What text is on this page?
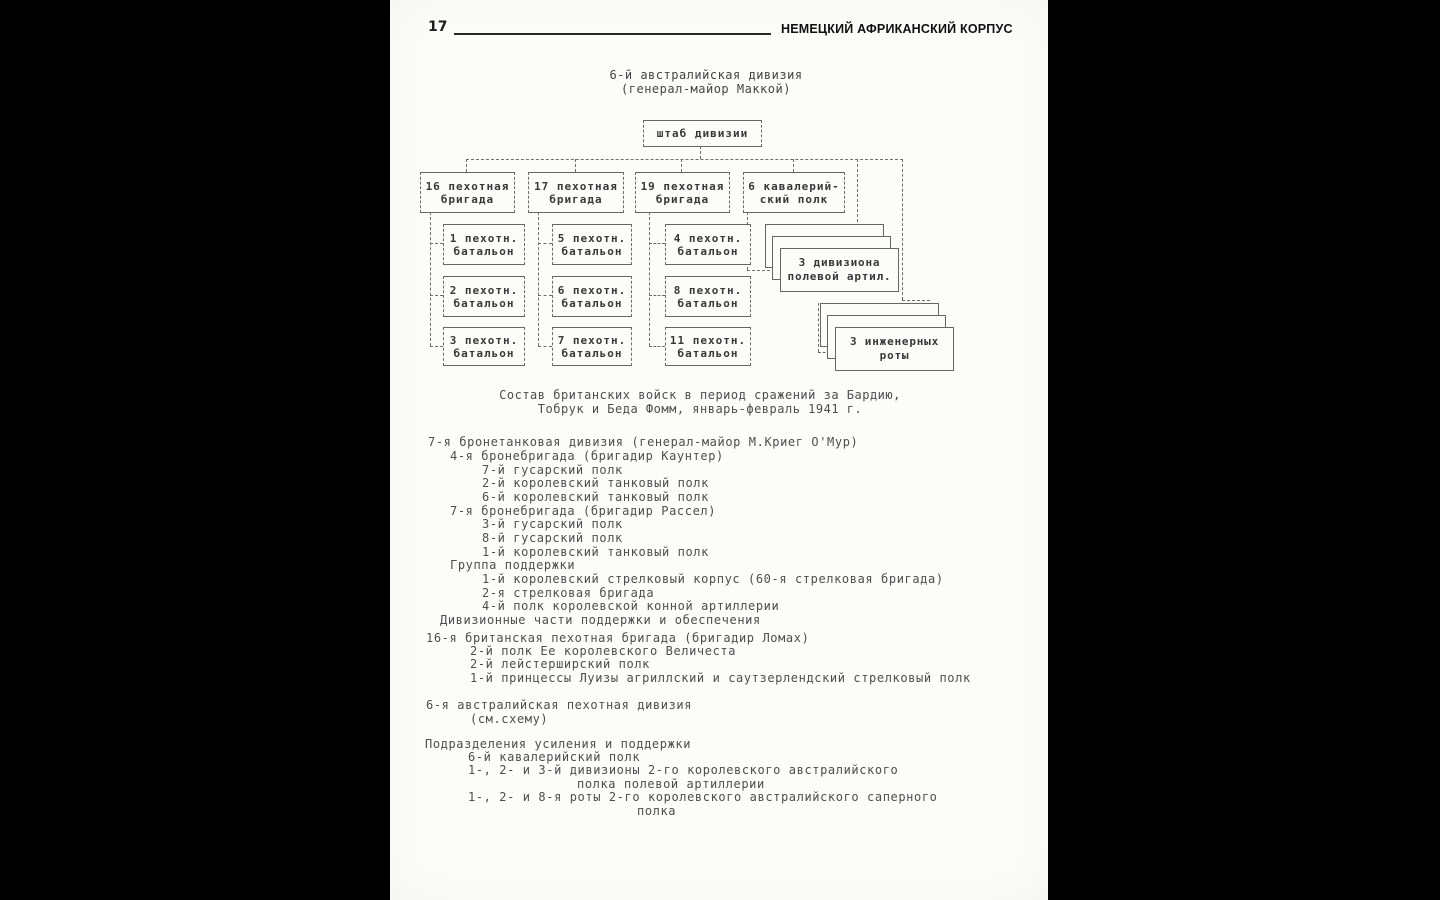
17	НЕМЕЦКИЙ АФРИКАНСКИЙ КОРПУС
6-й австралийская дивизия
(генерал-майор Маккой)
штаб дивизии
16 пехотная
бригада
17 пехотная
бригада
19 пехотная
бригада
6 кавалерий-
ский полк
1 пехотн.
батальон
2 пехотн.
батальон
3 пехотн.
батальон
5 пехотн.
батальон
6 пехотн.
батальон
7 пехотн.
батальон
4 пехотн.
батальон
8 пехотн.
батальон
11 пехотн.
батальон
3 дивизиона
полевой артил.
3 инженерных
роты
Состав британских войск в период сражений за Бардию,
Тобрук и Беда Фомм, январь-февраль 1941 г.
7-я бронетанковая дивизия (генерал-майор М.Криег О'Мур)
4-я бронебригада (бригадир Каунтер)
7-й гусарский полк
2-й королевский танковый полк
6-й королевский танковый полк
7-я бронебригада (бригадир Рассел)
3-й гусарский полк
8-й гусарский полк
1-й королевский танковый полк
Группа поддержки
1-й королевский стрелковый корпус (60-я стрелковая бригада)
2-я стрелковая бригада
4-й полк королевской конной артиллерии
Дивизионные части поддержки и обеспечения
16-я британская пехотная бригада (бригадир Ломах)
2-й полк Ее королевского Величеста
2-й лейстерширский полк
1-й принцессы Луизы агриллский и саутзерлендский стрелковый полк
6-я австралийская пехотная дивизия
(см.схему)
Подразделения усиления и поддержки
6-й кавалерийский полк
1-, 2- и 3-й дивизионы 2-го королевского австралийского
полка полевой артиллерии
1-, 2- и 8-я роты 2-го королевского австралийского саперного
полка
